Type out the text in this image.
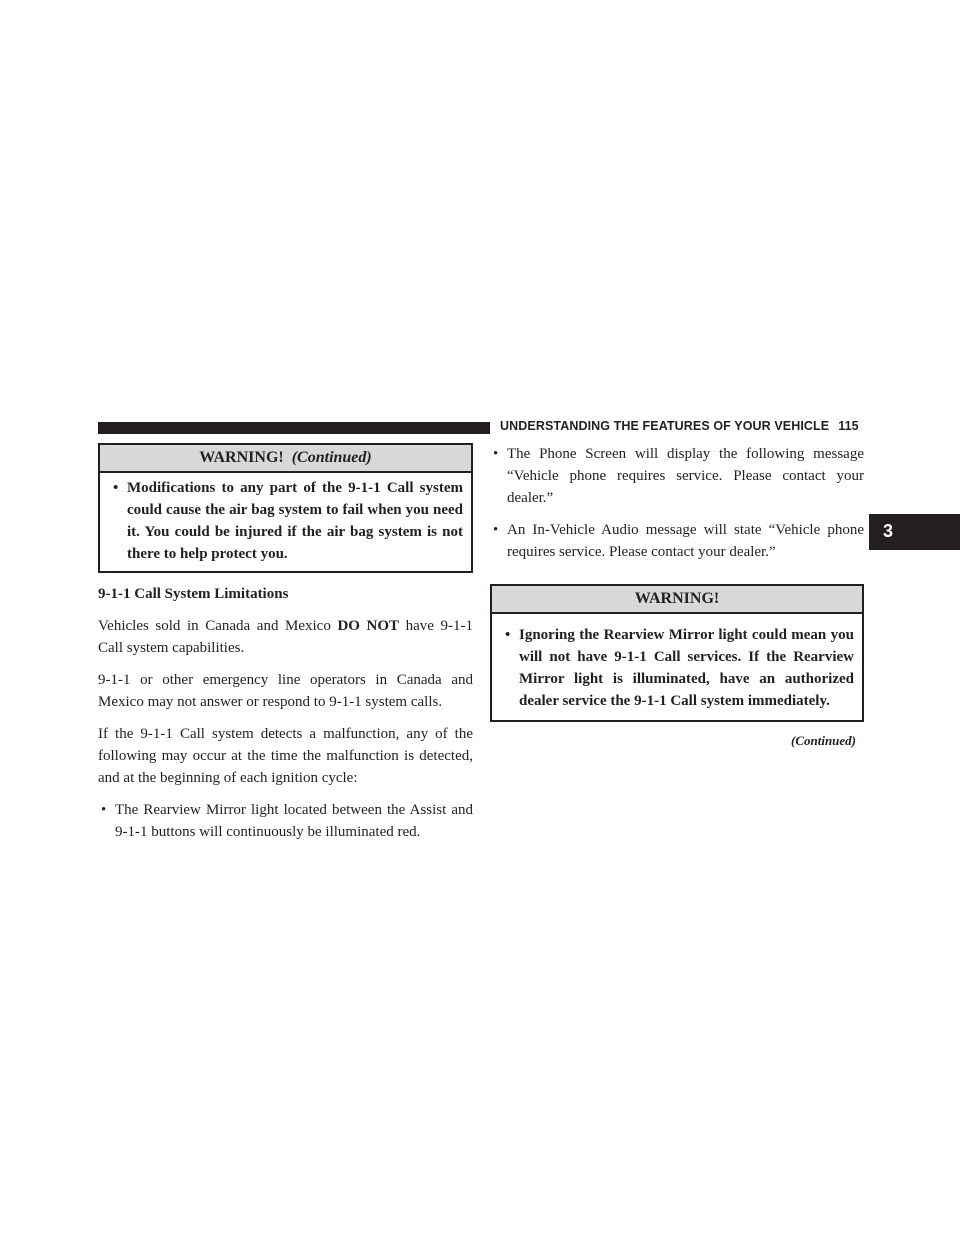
UNDERSTANDING THE FEATURES OF YOUR VEHICLE 115
3
WARNING! (Continued)
• Modifications to any part of the 9-1-1 Call system could cause the air bag system to fail when you need it. You could be injured if the air bag system is not there to help protect you.

9-1-1 Call System Limitations

Vehicles sold in Canada and Mexico DO NOT have 9-1-1 Call system capabilities.

9-1-1 or other emergency line operators in Canada and Mexico may not answer or respond to 9-1-1 system calls.

If the 9-1-1 Call system detects a malfunction, any of the following may occur at the time the malfunction is detected, and at the beginning of each ignition cycle:

• The Rearview Mirror light located between the Assist and 9-1-1 buttons will continuously be illuminated red.
• The Phone Screen will display the following message “Vehicle phone requires service. Please contact your dealer.”
• An In-Vehicle Audio message will state “Vehicle phone requires service. Please contact your dealer.”
WARNING!
• Ignoring the Rearview Mirror light could mean you will not have 9-1-1 Call services. If the Rearview Mirror light is illuminated, have an authorized dealer service the 9-1-1 Call system immediately.
(Continued)
